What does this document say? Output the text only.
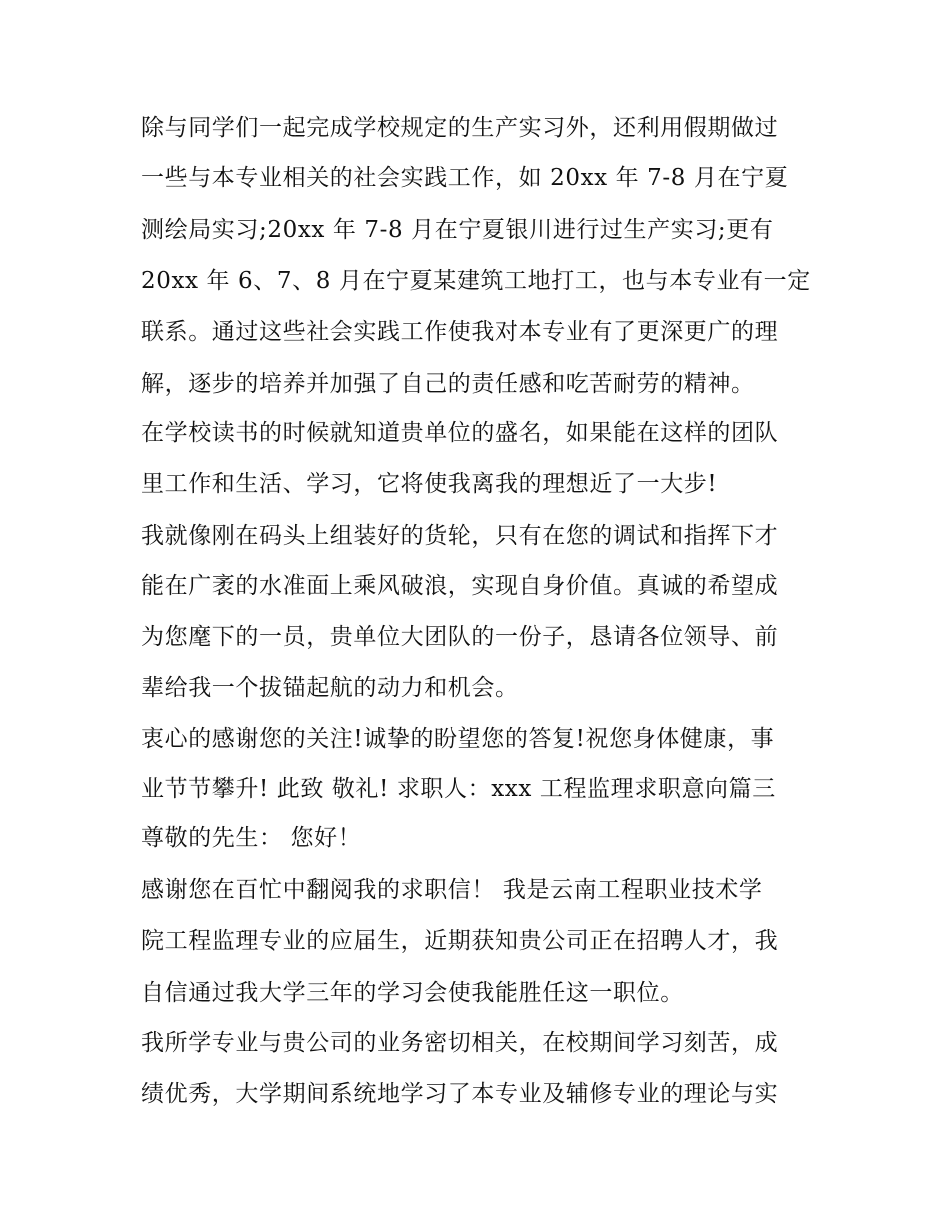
除与同学们一起完成学校规定的生产实习外，还利用假期做过
一些与本专业相关的社会实践工作，如 20xx 年 7-8 月在宁夏
测绘局实习;20xx 年 7-8 月在宁夏银川进行过生产实习;更有
20xx 年 6、7、8 月在宁夏某建筑工地打工，也与本专业有一定
联系。通过这些社会实践工作使我对本专业有了更深更广的理
解，逐步的培养并加强了自己的责任感和吃苦耐劳的精神。
在学校读书的时候就知道贵单位的盛名，如果能在这样的团队
里工作和生活、学习，它将使我离我的理想近了一大步!
我就像刚在码头上组装好的货轮，只有在您的调试和指挥下才
能在广袤的水准面上乘风破浪，实现自身价值。真诚的希望成
为您麾下的一员，贵单位大团队的一份子，恳请各位领导、前
辈给我一个拔锚起航的动力和机会。
衷心的感谢您的关注!诚挚的盼望您的答复!祝您身体健康，事
业节节攀升! 此致 敬礼! 求职人：xxx 工程监理求职意向篇三
尊敬的先生： 您好！
感谢您在百忙中翻阅我的求职信！ 我是云南工程职业技术学
院工程监理专业的应届生，近期获知贵公司正在招聘人才，我
自信通过我大学三年的学习会使我能胜任这一职位。
我所学专业与贵公司的业务密切相关，在校期间学习刻苦，成
绩优秀，大学期间系统地学习了本专业及辅修专业的理论与实
